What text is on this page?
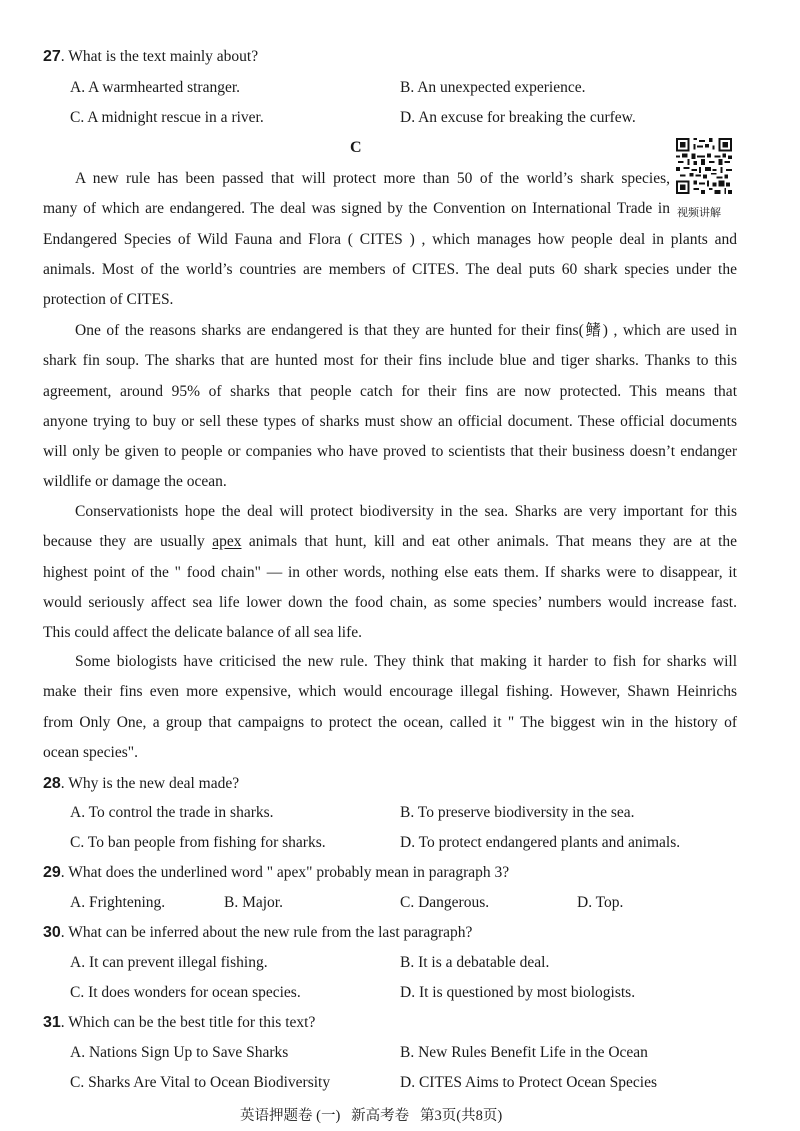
27. What is the text mainly about?
A. A warmhearted stranger.	B. An unexpected experience.
C. A midnight rescue in a river.	D. An excuse for breaking the curfew.
C
视频讲解
A new rule has been passed that will protect more than 50 of the world’s shark species,
many of which are endangered. The deal was signed by the Convention on International Trade in
Endangered Species of Wild Fauna and Flora ( CITES ) , which manages how people deal in plants and
animals. Most of the world’s countries are members of CITES. The deal puts 60 shark species under the
protection of CITES.
One of the reasons sharks are endangered is that they are hunted for their fins(鳍) , which are used in
shark fin soup. The sharks that are hunted most for their fins include blue and tiger sharks. Thanks to this
agreement, around 95% of sharks that people catch for their fins are now protected. This means that
anyone trying to buy or sell these types of sharks must show an official document. These official documents
will only be given to people or companies who have proved to scientists that their business doesn’t endanger
wildlife or damage the ocean.
Conservationists hope the deal will protect biodiversity in the sea. Sharks are very important for this
because they are usually apex animals that hunt, kill and eat other animals. That means they are at the
highest point of the " food chain" — in other words, nothing else eats them. If sharks were to disappear, it
would seriously affect sea life lower down the food chain, as some species’ numbers would increase fast.
This could affect the delicate balance of all sea life.
Some biologists have criticised the new rule. They think that making it harder to fish for sharks will
make their fins even more expensive, which would encourage illegal fishing. However, Shawn Heinrichs
from Only One, a group that campaigns to protect the ocean, called it " The biggest win in the history of
ocean species".
28. Why is the new deal made?
A. To control the trade in sharks.	B. To preserve biodiversity in the sea.
C. To ban people from fishing for sharks.	D. To protect endangered plants and animals.
29. What does the underlined word " apex" probably mean in paragraph 3?
A. Frightening.	B. Major.	C. Dangerous.	D. Top.
30. What can be inferred about the new rule from the last paragraph?
A. It can prevent illegal fishing.	B. It is a debatable deal.
C. It does wonders for ocean species.	D. It is questioned by most biologists.
31. Which can be the best title for this text?
A. Nations Sign Up to Save Sharks	B. New Rules Benefit Life in the Ocean
C. Sharks Are Vital to Ocean Biodiversity	D. CITES Aims to Protect Ocean Species
英语押题卷 (一)   新高考卷   第3页(共8页)
